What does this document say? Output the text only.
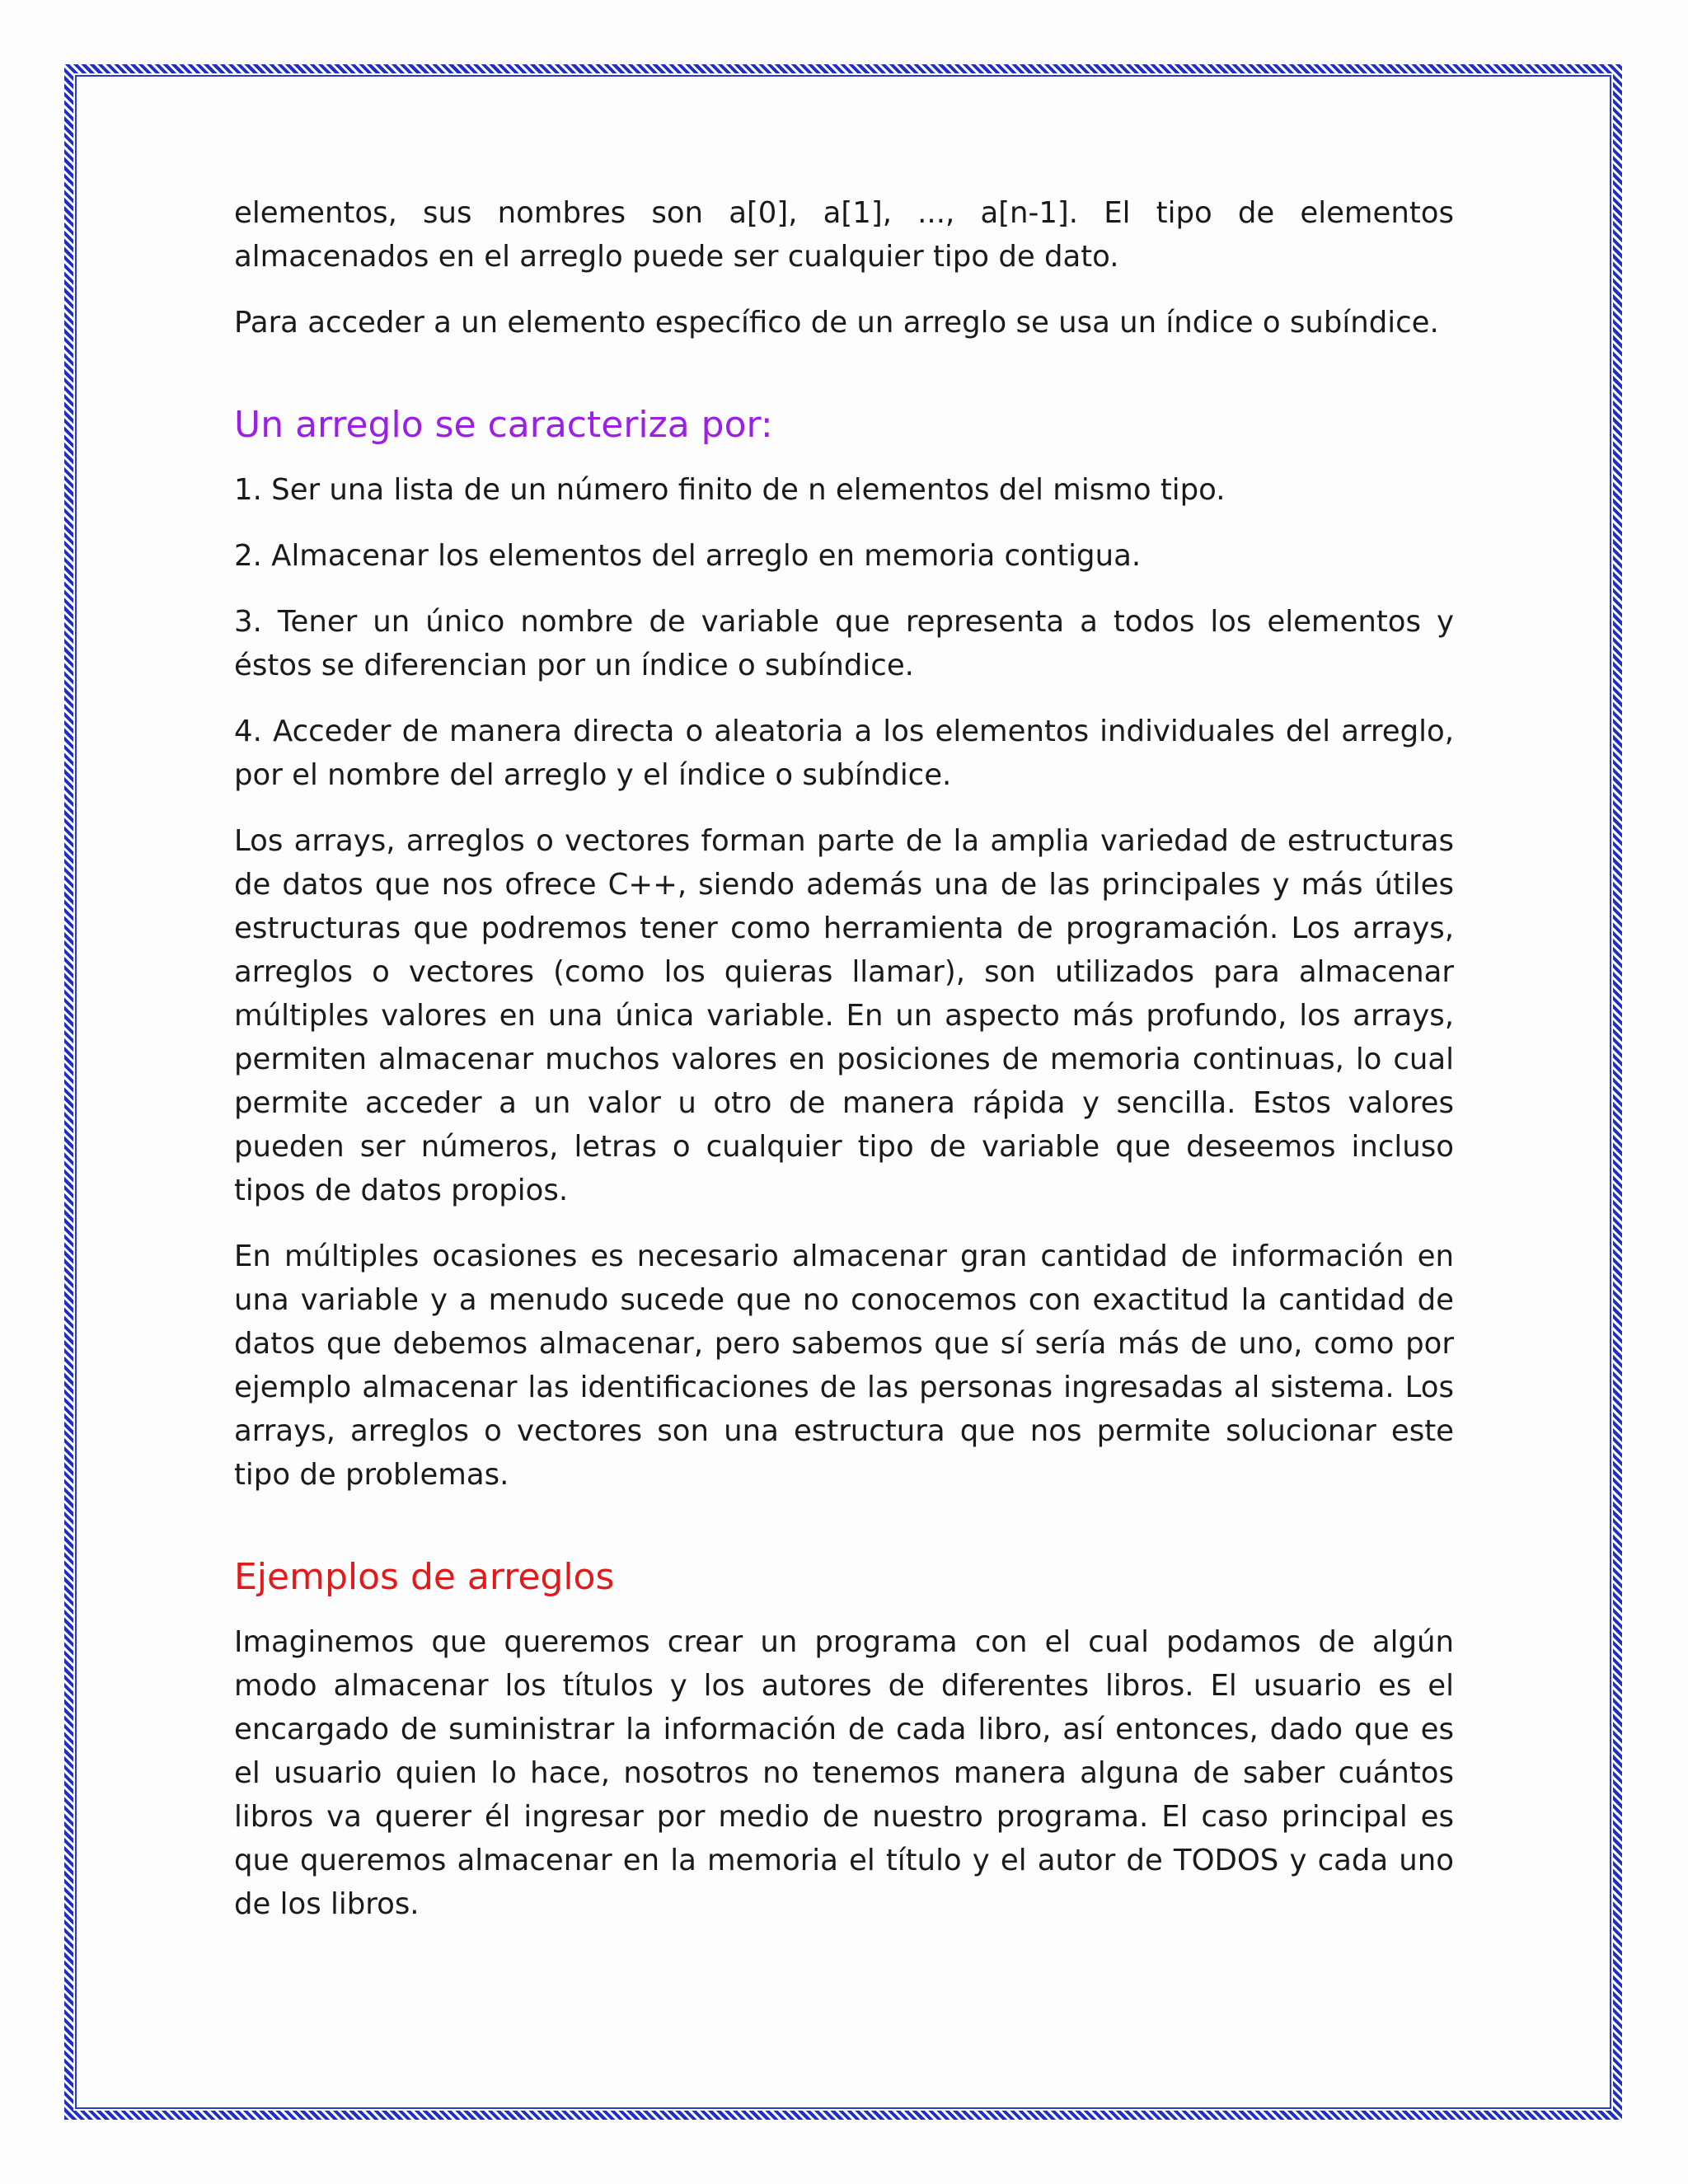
elementos, sus nombres son a[0], a[1], ..., a[n-1]. El tipo de elementos almacenados en el arreglo puede ser cualquier tipo de dato.

Para acceder a un elemento específico de un arreglo se usa un índice o subíndice.

Un arreglo se caracteriza por:

1. Ser una lista de un número finito de n elementos del mismo tipo.

2. Almacenar los elementos del arreglo en memoria contigua.

3. Tener un único nombre de variable que representa a todos los elementos y éstos se diferencian por un índice o subíndice.

4. Acceder de manera directa o aleatoria a los elementos individuales del arreglo, por el nombre del arreglo y el índice o subíndice.

Los arrays, arreglos o vectores forman parte de la amplia variedad de estructuras de datos que nos ofrece C++, siendo además una de las principales y más útiles estructuras que podremos tener como herramienta de programación. Los arrays, arreglos o vectores (como los quieras llamar), son utilizados para almacenar múltiples valores en una única variable. En un aspecto más profundo, los arrays, permiten almacenar muchos valores en posiciones de memoria continuas, lo cual permite acceder a un valor u otro de manera rápida y sencilla. Estos valores pueden ser números, letras o cualquier tipo de variable que deseemos incluso tipos de datos propios.

En múltiples ocasiones es necesario almacenar gran cantidad de información en una variable y a menudo sucede que no conocemos con exactitud la cantidad de datos que debemos almacenar, pero sabemos que sí sería más de uno, como por ejemplo almacenar las identificaciones de las personas ingresadas al sistema. Los arrays, arreglos o vectores son una estructura que nos permite solucionar este tipo de problemas.

Ejemplos de arreglos

Imaginemos que queremos crear un programa con el cual podamos de algún modo almacenar los títulos y los autores de diferentes libros. El usuario es el encargado de suministrar la información de cada libro, así entonces, dado que es el usuario quien lo hace, nosotros no tenemos manera alguna de saber cuántos libros va querer él ingresar por medio de nuestro programa. El caso principal es que queremos almacenar en la memoria el título y el autor de TODOS y cada uno de los libros.
